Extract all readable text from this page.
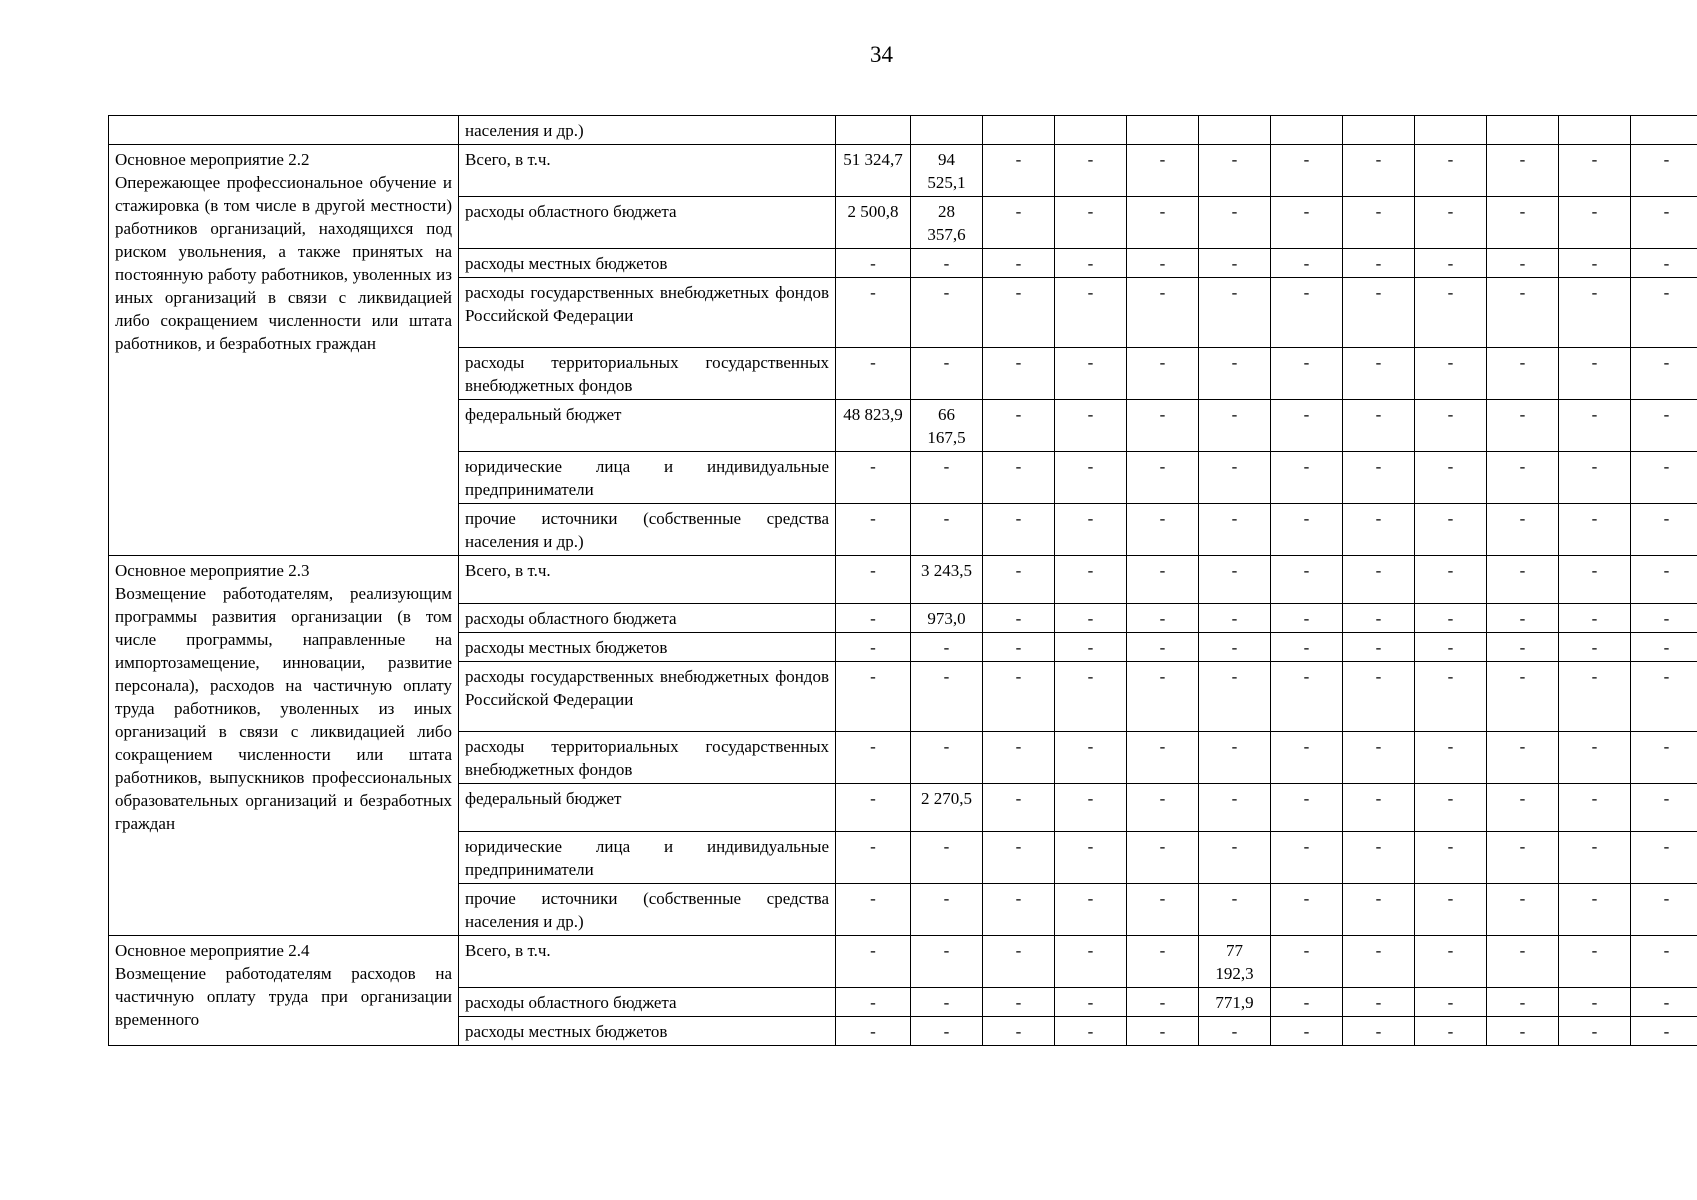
34
	населения и др.)												

Основное мероприятие 2.2
Опережающее профессиональное обучение и стажировка (в том числе в другой местности) работников организаций, находящихся под риском увольнения, а также принятых на постоянную работу работников, уволенных из иных организаций в связи с ликвидацией либо сокращением численности или штата работников, и безработных граждан	Всего, в т.ч.	51 324,7	94 525,1	-	-	-	-	-	-	-	-	-	-
	расходы областного бюджета	2 500,8	28 357,6	-	-	-	-	-	-	-	-	-	-
	расходы местных бюджетов	-	-	-	-	-	-	-	-	-	-	-	-
	расходы государственных внебюджетных фондов Российской Федерации	-	-	-	-	-	-	-	-	-	-	-	-
	расходы территориальных государственных внебюджетных фондов	-	-	-	-	-	-	-	-	-	-	-	-
	федеральный бюджет	48 823,9	66 167,5	-	-	-	-	-	-	-	-	-	-
	юридические лица и индивидуальные предприниматели	-	-	-	-	-	-	-	-	-	-	-	-
	прочие источники (собственные средства населения и др.)	-	-	-	-	-	-	-	-	-	-	-	-

Основное мероприятие 2.3
Возмещение работодателям, реализующим программы развития организации (в том числе программы, направленные на импортозамещение, инновации, развитие персонала), расходов на частичную оплату труда работников, уволенных из иных организаций в связи с ликвидацией либо сокращением численности или штата работников, выпускников профессиональных образовательных организаций и безработных граждан	Всего, в т.ч.	-	3 243,5	-	-	-	-	-	-	-	-	-	-
	расходы областного бюджета	-	973,0	-	-	-	-	-	-	-	-	-	-
	расходы местных бюджетов	-	-	-	-	-	-	-	-	-	-	-	-
	расходы государственных внебюджетных фондов Российской Федерации	-	-	-	-	-	-	-	-	-	-	-	-
	расходы территориальных государственных внебюджетных фондов	-	-	-	-	-	-	-	-	-	-	-	-
	федеральный бюджет	-	2 270,5	-	-	-	-	-	-	-	-	-	-
	юридические лица и индивидуальные предприниматели	-	-	-	-	-	-	-	-	-	-	-	-
	прочие источники (собственные средства населения и др.)	-	-	-	-	-	-	-	-	-	-	-	-

Основное мероприятие 2.4
Возмещение работодателям расходов на частичную оплату труда при организации временного	Всего, в т.ч.	-	-	-	-	-	77 192,3	-	-	-	-	-	-
	расходы областного бюджета	-	-	-	-	-	771,9	-	-	-	-	-	-
	расходы местных бюджетов	-	-	-	-	-	-	-	-	-	-	-	-
